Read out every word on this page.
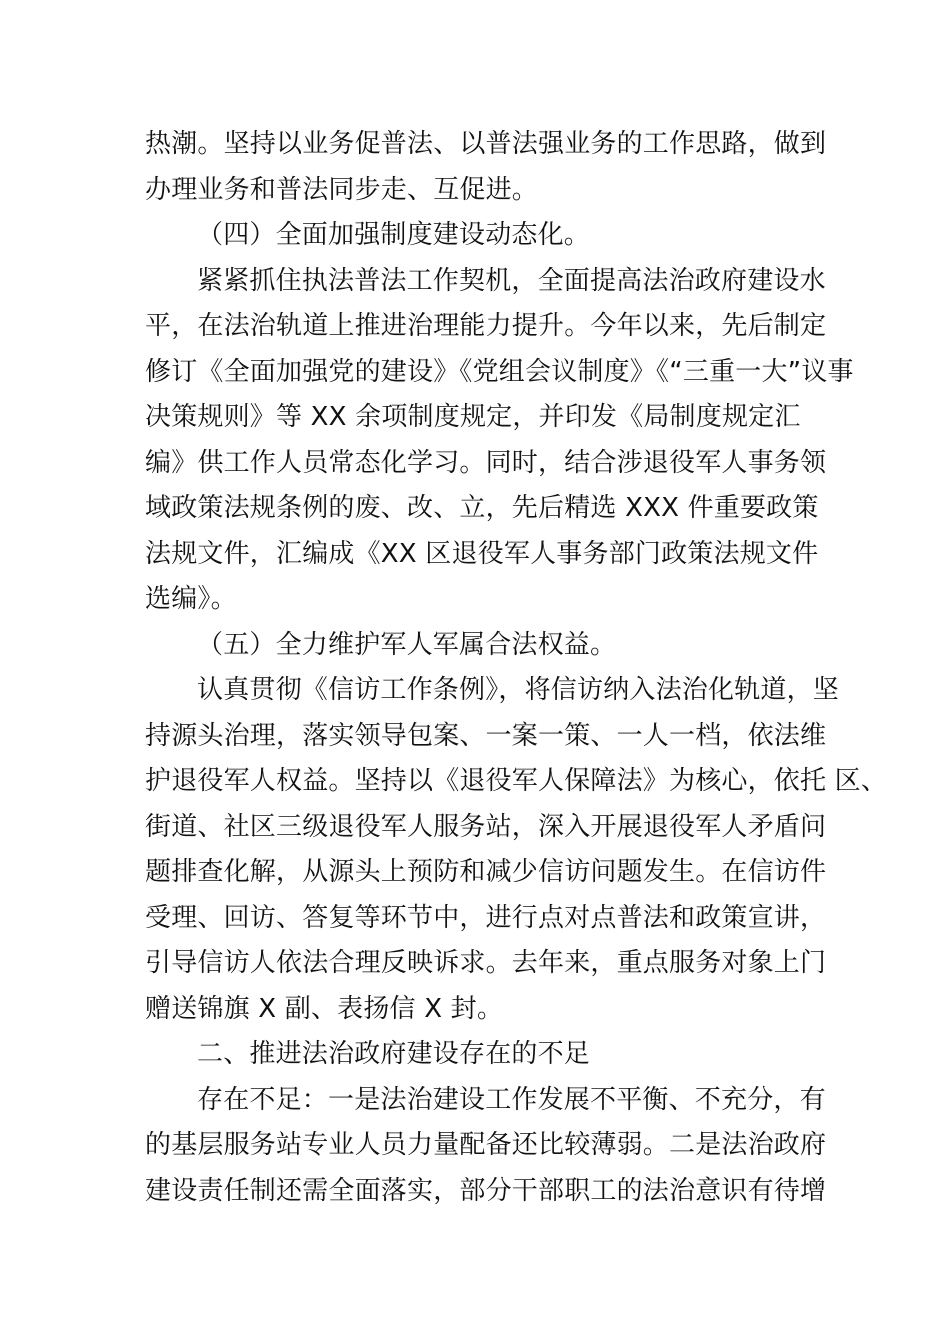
热潮。坚持以业务促普法、以普法强业务的工作思路，做到
办理业务和普法同步走、互促进。
（四）全面加强制度建设动态化。
紧紧抓住执法普法工作契机，全面提高法治政府建设水
平，在法治轨道上推进治理能力提升。今年以来，先后制定
修订《全面加强党的建设》《党组会议制度》《“三重一大”议事
决策规则》等 XX 余项制度规定，并印发《局制度规定汇
编》供工作人员常态化学习。同时，结合涉退役军人事务领
域政策法规条例的废、改、立，先后精选 XXX 件重要政策
法规文件，汇编成《XX 区退役军人事务部门政策法规文件
选编》。
（五）全力维护军人军属合法权益。
认真贯彻《信访工作条例》，将信访纳入法治化轨道，坚
持源头治理，落实领导包案、一案一策、一人一档，依法维
护退役军人权益。坚持以《退役军人保障法》为核心，依托 区、
街道、社区三级退役军人服务站，深入开展退役军人矛盾问
题排查化解，从源头上预防和减少信访问题发生。在信访件
受理、回访、答复等环节中，进行点对点普法和政策宣讲，
引导信访人依法合理反映诉求。去年来，重点服务对象上门
赠送锦旗 X 副、表扬信 X 封。
二、推进法治政府建设存在的不足
存在不足：一是法治建设工作发展不平衡、不充分，有
的基层服务站专业人员力量配备还比较薄弱。二是法治政府
建设责任制还需全面落实，部分干部职工的法治意识有待增
